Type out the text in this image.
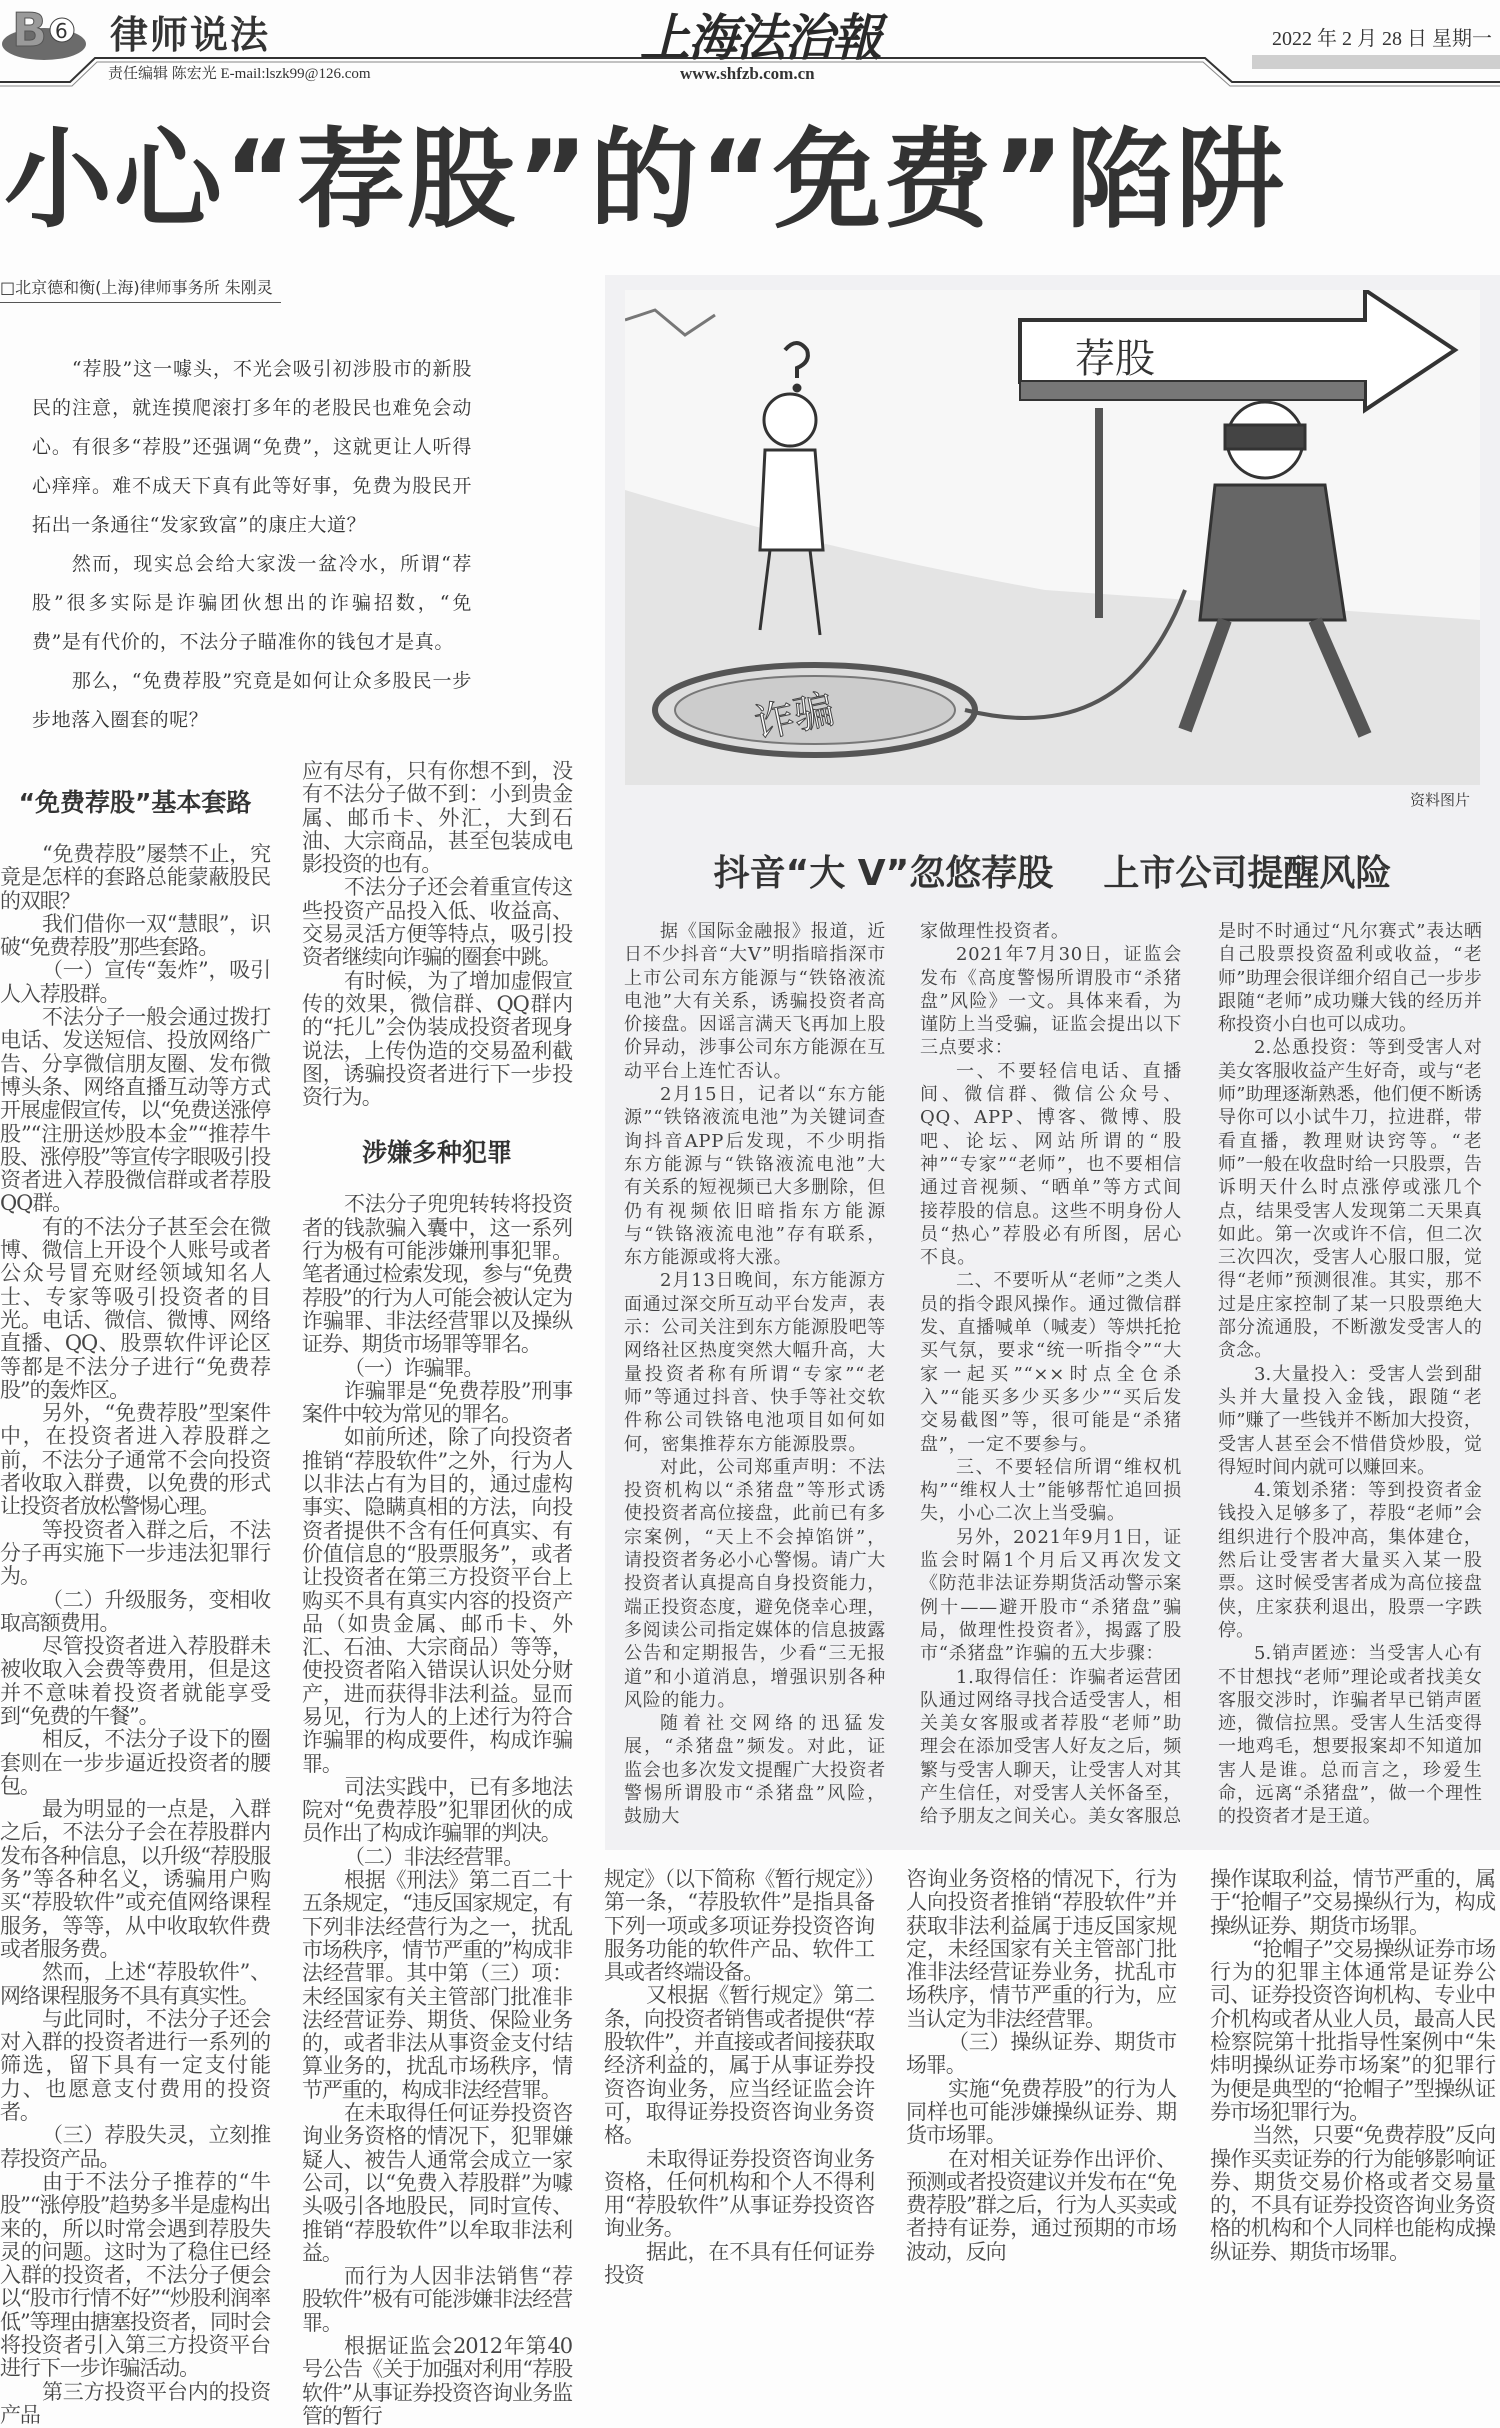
B 6 律师说法	上海法治報	2022 年 2 月 28 日 星期一
责任编辑 陈宏光 E-mail:lszk99@126.com	www.shfzb.com.cn
小心“荐股”的“免费”陷阱
□北京德和衡(上海)律师事务所 朱刚灵

“荐股”这一噱头，不光会吸引初涉股市的新股民的注意，就连摸爬滚打多年的老股民也难免会动心。有很多“荐股”还强调“免费”，这就更让人听得心痒痒。难不成天下真有此等好事，免费为股民开拓出一条通往“发家致富”的康庄大道？

然而，现实总会给大家泼一盆冷水，所谓“荐股”很多实际是诈骗团伙想出的诈骗招数，“免费”是有代价的，不法分子瞄准你的钱包才是真。

那么，“免费荐股”究竟是如何让众多股民一步步地落入圈套的呢？

荐股
诈骗
资料图片
抖音“大 V”忽悠荐股    上市公司提醒风险

“免费荐股”基本套路

“免费荐股”屡禁不止，究竟是怎样的套路总能蒙蔽股民的双眼？

我们借你一双“慧眼”，识破“免费荐股”那些套路。

（一）宣传“轰炸”，吸引人入荐股群。

不法分子一般会通过拨打电话、发送短信、投放网络广告、分享微信朋友圈、发布微博头条、网络直播互动等方式开展虚假宣传，以“免费送涨停股”“注册送炒股本金”“推荐牛股、涨停股”等宣传字眼吸引投资者进入荐股微信群或者荐股QQ群。

有的不法分子甚至会在微博、微信上开设个人账号或者公众号冒充财经领域知名人士、专家等吸引投资者的目光。电话、微信、微博、网络直播、QQ、股票软件评论区等都是不法分子进行“免费荐股”的轰炸区。

另外，“免费荐股”型案件中，在投资者进入荐股群之前，不法分子通常不会向投资者收取入群费，以免费的形式让投资者放松警惕心理。

等投资者入群之后，不法分子再实施下一步违法犯罪行为。

（二）升级服务，变相收取高额费用。

尽管投资者进入荐股群未被收取入会费等费用，但是这并不意味着投资者就能享受到“免费的午餐”。

相反，不法分子设下的圈套则在一步步逼近投资者的腰包。

最为明显的一点是，入群之后，不法分子会在荐股群内发布各种信息，以升级“荐股服务”等各种名义，诱骗用户购买“荐股软件”或充值网络课程服务，等等，从中收取软件费或者服务费。

然而，上述“荐股软件”、网络课程服务不具有真实性。

与此同时，不法分子还会对入群的投资者进行一系列的筛选，留下具有一定支付能力、也愿意支付费用的投资者。

（三）荐股失灵，立刻推荐投资产品。

由于不法分子推荐的“牛股”“涨停股”趋势多半是虚构出来的，所以时常会遇到荐股失灵的问题。这时为了稳住已经入群的投资者，不法分子便会以“股市行情不好”“炒股利润率低”等理由搪塞投资者，同时会将投资者引入第三方投资平台进行下一步诈骗活动。

第三方投资平台内的投资产品

应有尽有，只有你想不到，没有不法分子做不到：小到贵金属、邮币卡、外汇，大到石油、大宗商品，甚至包装成电影投资的也有。

不法分子还会着重宣传这些投资产品投入低、收益高、交易灵活方便等特点，吸引投资者继续向诈骗的圈套中跳。

有时候，为了增加虚假宣传的效果，微信群、QQ群内的“托儿”会伪装成投资者现身说法，上传伪造的交易盈利截图，诱骗投资者进行下一步投资行为。

涉嫌多种犯罪

不法分子兜兜转转将投资者的钱款骗入囊中，这一系列行为极有可能涉嫌刑事犯罪。笔者通过检索发现，参与“免费荐股”的行为人可能会被认定为诈骗罪、非法经营罪以及操纵证券、期货市场罪等罪名。

（一）诈骗罪。

诈骗罪是“免费荐股”刑事案件中较为常见的罪名。

如前所述，除了向投资者推销“荐股软件”之外，行为人以非法占有为目的，通过虚构事实、隐瞒真相的方法，向投资者提供不含有任何真实、有价值信息的“股票服务”，或者让投资者在第三方投资平台上购买不具有真实内容的投资产品（如贵金属、邮币卡、外汇、石油、大宗商品）等等，使投资者陷入错误认识处分财产，进而获得非法利益。显而易见，行为人的上述行为符合诈骗罪的构成要件，构成诈骗罪。

司法实践中，已有多地法院对“免费荐股”犯罪团伙的成员作出了构成诈骗罪的判决。

（二）非法经营罪。

根据《刑法》第二百二十五条规定，“违反国家规定，有下列非法经营行为之一，扰乱市场秩序，情节严重的”构成非法经营罪。其中第（三）项：未经国家有关主管部门批准非法经营证券、期货、保险业务的，或者非法从事资金支付结算业务的，扰乱市场秩序，情节严重的，构成非法经营罪。

在未取得任何证券投资咨询业务资格的情况下，犯罪嫌疑人、被告人通常会成立一家公司，以“免费入荐股群”为噱头吸引各地股民，同时宣传、推销“荐股软件”以牟取非法利益。

而行为人因非法销售“荐股软件”极有可能涉嫌非法经营罪。

根据证监会2012年第40号公告《关于加强对利用“荐股软件”从事证券投资咨询业务监管的暂行

规定》（以下简称《暂行规定》）第一条，“荐股软件”是指具备下列一项或多项证券投资咨询服务功能的软件产品、软件工具或者终端设备。

又根据《暂行规定》第二条，向投资者销售或者提供“荐股软件”，并直接或者间接获取经济利益的，属于从事证券投资咨询业务，应当经证监会许可，取得证券投资咨询业务资格。

未取得证券投资咨询业务资格，任何机构和个人不得利用“荐股软件”从事证券投资咨询业务。

据此，在不具有任何证券投资

咨询业务资格的情况下，行为人向投资者推销“荐股软件”并获取非法利益属于违反国家规定，未经国家有关主管部门批准非法经营证券业务，扰乱市场秩序，情节严重的行为，应当认定为非法经营罪。

（三）操纵证券、期货市场罪。

实施“免费荐股”的行为人同样也可能涉嫌操纵证券、期货市场罪。

在对相关证券作出评价、预测或者投资建议并发布在“免费荐股”群之后，行为人买卖或者持有证券，通过预期的市场波动，反向

操作谋取利益，情节严重的，属于“抢帽子”交易操纵行为，构成操纵证券、期货市场罪。

“抢帽子”交易操纵证券市场行为的犯罪主体通常是证券公司、证券投资咨询机构、专业中介机构或者从业人员，最高人民检察院第十批指导性案例中“朱炜明操纵证券市场案”的犯罪行为便是典型的“抢帽子”型操纵证券市场犯罪行为。

当然，只要“免费荐股”反向操作买卖证券的行为能够影响证券、期货交易价格或者交易量的，不具有证券投资咨询业务资格的机构和个人同样也能构成操纵证券、期货市场罪。

据《国际金融报》报道，近日不少抖音“大V”明指暗指深市上市公司东方能源与“铁铬液流电池”大有关系，诱骗投资者高价接盘。因谣言满天飞再加上股价异动，涉事公司东方能源在互动平台上连忙否认。

2月15日，记者以“东方能源”“铁铬液流电池”为关键词查询抖音APP后发现，不少明指东方能源与“铁铬液流电池”大有关系的短视频已大多删除，但仍有视频依旧暗指东方能源与“铁铬液流电池”存有联系，东方能源或将大涨。

2月13日晚间，东方能源方面通过深交所互动平台发声，表示：公司关注到东方能源股吧等网络社区热度突然大幅升高，大量投资者称有所谓“专家”“老师”等通过抖音、快手等社交软件称公司铁铬电池项目如何如何，密集推荐东方能源股票。

对此，公司郑重声明：不法投资机构以“杀猪盘”等形式诱使投资者高位接盘，此前已有多宗案例，“天上不会掉馅饼”，请投资者务必小心警惕。请广大投资者认真提高自身投资能力，端正投资态度，避免侥幸心理，多阅读公司指定媒体的信息披露公告和定期报告，少看“三无报道”和小道消息，增强识别各种风险的能力。

随着社交网络的迅猛发展，“杀猪盘”频发。对此，证监会也多次发文提醒广大投资者警惕所谓股市“杀猪盘”风险，鼓励大

家做理性投资者。

2021年7月30日，证监会发布《高度警惕所谓股市“杀猪盘”风险》一文。具体来看，为谨防上当受骗，证监会提出以下三点要求：

一、不要轻信电话、直播间、微信群、微信公众号、QQ、APP、博客、微博、股吧、论坛、网站所谓的“股神”“专家”“老师”，也不要相信通过音视频、“晒单”等方式间接荐股的信息。这些不明身份人员“热心”荐股必有所图，居心不良。

二、不要听从“老师”之类人员的指令跟风操作。通过微信群发、直播喊单（喊麦）等烘托抢买气氛，要求“统一听指令”“大家一起买”“××时点全仓杀入”“能买多少买多少”“买后发交易截图”等，很可能是“杀猪盘”，一定不要参与。

三、不要轻信所谓“维权机构”“维权人士”能够帮忙追回损失，小心二次上当受骗。

另外，2021年9月1日，证监会时隔1个月后又再次发文《防范非法证券期货活动警示案例十——避开股市“杀猪盘”骗局，做理性投资者》，揭露了股市“杀猪盘”诈骗的五大步骤：

1.取得信任：诈骗者运营团队通过网络寻找合适受害人，相关美女客服或者荐股“老师”助理会在添加受害人好友之后，频繁与受害人聊天，让受害人对其产生信任，对受害人关怀备至，给予朋友之间关心。美女客服总

是时不时通过“凡尔赛式”表达晒自己股票投资盈利或收益，“老师”助理会很详细介绍自己一步步跟随“老师”成功赚大钱的经历并称投资小白也可以成功。

2.怂恿投资：等到受害人对美女客服收益产生好奇，或与“老师”助理逐渐熟悉，他们便不断诱导你可以小试牛刀，拉进群，带看直播，教理财诀窍等。“老师”一般在收盘时给一只股票，告诉明天什么时点涨停或涨几个点，结果受害人发现第二天果真如此。第一次或许不信，但二次三次四次，受害人心服口服，觉得“老师”预测很准。其实，那不过是庄家控制了某一只股票绝大部分流通股，不断激发受害人的贪念。

3.大量投入：受害人尝到甜头并大量投入金钱，跟随“老师”赚了一些钱并不断加大投资，受害人甚至会不惜借贷炒股，觉得短时间内就可以赚回来。

4.策划杀猪：等到投资者金钱投入足够多了，荐股“老师”会组织进行个股冲高，集体建仓，然后让受害者大量买入某一股票。这时候受害者成为高位接盘侠，庄家获利退出，股票一字跌停。

5.销声匿迹：当受害人心有不甘想找“老师”理论或者找美女客服交涉时，诈骗者早已销声匿迹，微信拉黑。受害人生活变得一地鸡毛，想要报案却不知道加害人是谁。总而言之，珍爱生命，远离“杀猪盘”，做一个理性的投资者才是王道。
